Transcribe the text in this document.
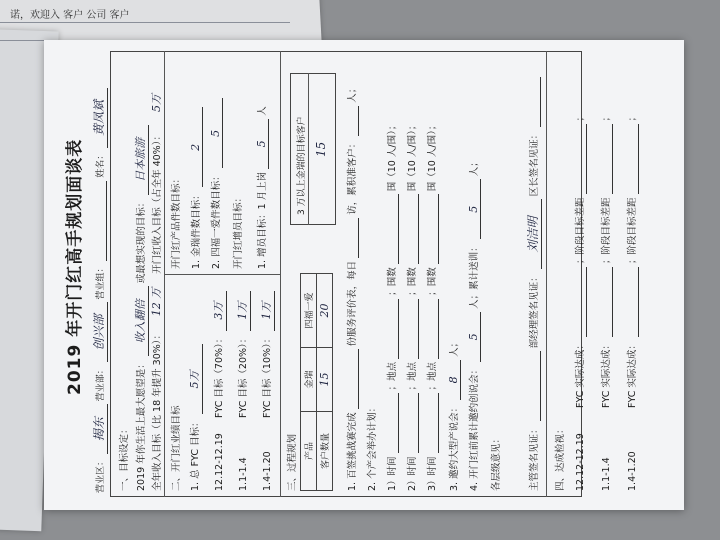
诺，欢迎入 客户 公司 客户
2019 年开门红高手规划面谈表
营业区： 揭东 营业部： 创兴部 营业组：   姓名： 黄凤斌
一、目标设定： 2019 年你生活上最大愿望是： 收入翻倍 或最想实现的目标： 日本旅游
全年收入目标（比 18 年提升 30%）： 12 万 开门红收入目标（占全年 40%）： 5万
二、开门红业绩目标 1. 总 FYC 目标： 5万
12.12-12.19 FYC 目标（70%）： 3万
1.1-1.4 FYC 目标（20%）： 1万
1.4-1.20 FYC 目标（10%）： 1万
开门红产品件数目标： 1. 金瑞件数目标： 2
2. 四福一爱件数目标： 5
开门红增员目标：	1. 增员目标：1 月上岗 5 人
三、过程规划 产品	金瑞	四福一爱
客户数量	15	20
3 万以上金瑞的目标客户 15
1. 百签挑战赛完成   份服务评价表，每日   访，累积准客户：   人；
2. 个产会举办计划： 1）时间   ；地点   ；围数   围（10 人/围）；
2）时间   ；地点   ；围数   围（10 人/围）；
3）时间   ；地点   ；围数   围（10 人/围）；
3. 邀约大型产说会： 8 人；
4. 开门红前累计邀约创说会： 5 人；累计送训： 5 人；
各层级意见：	主管签名见证：   部经理签名见证： 刘洁明 区长签名见证：
四、达成检视： 12.12-12.19 FYC 实际达成：   ；阶段目标差距   ；
1.1-1.4 FYC 实际达成：   ；阶段目标差距   ；
1.4-1.20 FYC 实际达成：   ；阶段目标差距   ；
